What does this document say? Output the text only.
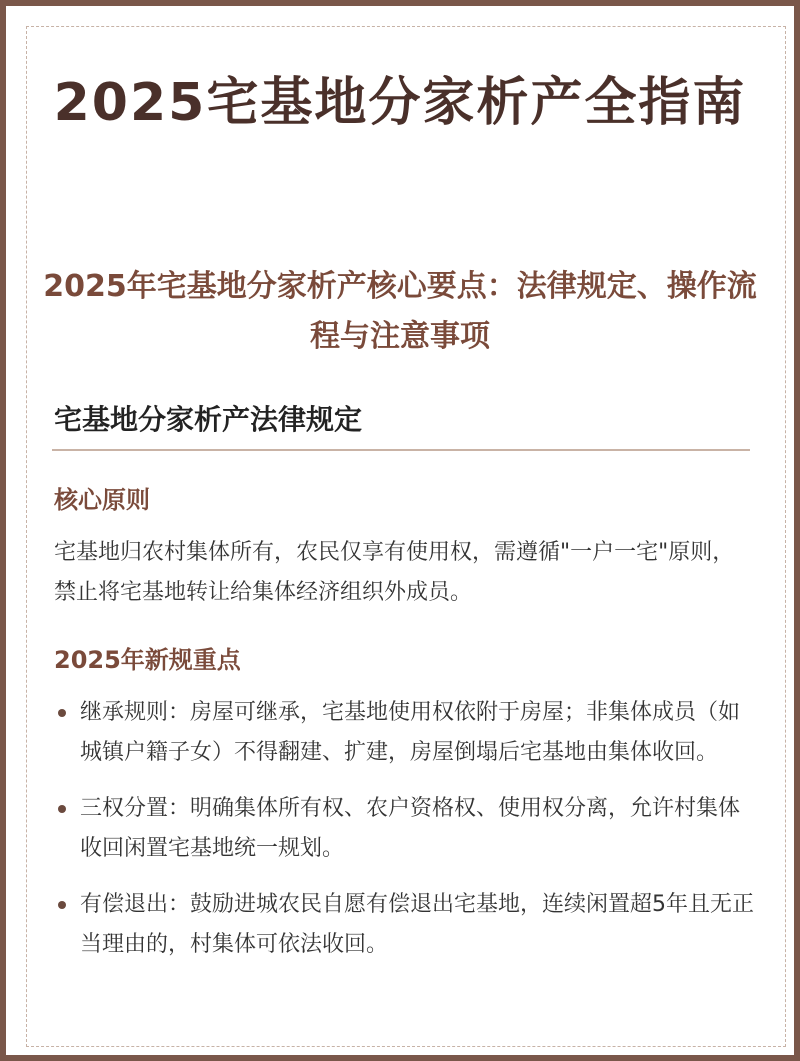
2025宅基地分家析产全指南
2025年宅基地分家析产核心要点：法律规定、操作流程与注意事项
宅基地分家析产法律规定
核心原则

宅基地归农村集体所有，农民仅享有使用权，需遵循"一户一宅"原则，禁止将宅基地转让给集体经济组织外成员。

2025年新规重点
继承规则：房屋可继承，宅基地使用权依附于房屋；非集体成员（如城镇户籍子女）不得翻建、扩建，房屋倒塌后宅基地由集体收回。
三权分置：明确集体所有权、农户资格权、使用权分离，允许村集体收回闲置宅基地统一规划。
有偿退出：鼓励进城农民自愿有偿退出宅基地，连续闲置超5年且无正当理由的，村集体可依法收回。
